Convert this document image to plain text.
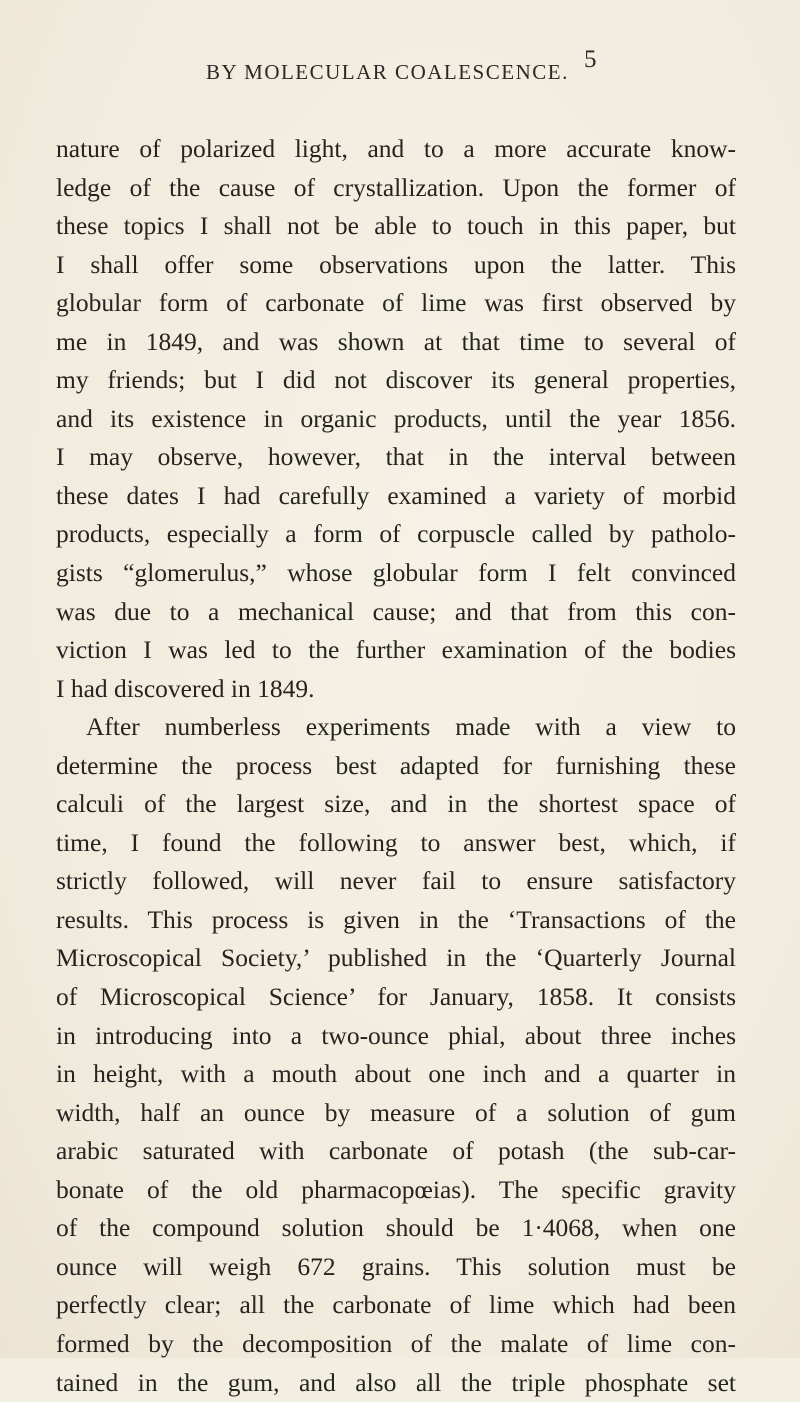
BY MOLECULAR COALESCENCE. 5
nature of polarized light, and to a more accurate know-
ledge of the cause of crystallization. Upon the former of
these topics I shall not be able to touch in this paper, but
I shall offer some observations upon the latter. This
globular form of carbonate of lime was first observed by
me in 1849, and was shown at that time to several of
my friends; but I did not discover its general properties,
and its existence in organic products, until the year 1856.
I may observe, however, that in the interval between
these dates I had carefully examined a variety of morbid
products, especially a form of corpuscle called by patholo-
gists “glomerulus,” whose globular form I felt convinced
was due to a mechanical cause; and that from this con-
viction I was led to the further examination of the bodies
I had discovered in 1849.
After numberless experiments made with a view to
determine the process best adapted for furnishing these
calculi of the largest size, and in the shortest space of
time, I found the following to answer best, which, if
strictly followed, will never fail to ensure satisfactory
results. This process is given in the ‘Transactions of the
Microscopical Society,’ published in the ‘Quarterly Journal
of Microscopical Science’ for January, 1858. It consists
in introducing into a two-ounce phial, about three inches
in height, with a mouth about one inch and a quarter in
width, half an ounce by measure of a solution of gum
arabic saturated with carbonate of potash (the sub-car-
bonate of the old pharmacopœias). The specific gravity
of the compound solution should be 1·4068, when one
ounce will weigh 672 grains. This solution must be
perfectly clear; all the carbonate of lime which had been
formed by the decomposition of the malate of lime con-
tained in the gum, and also all the triple phosphate set
